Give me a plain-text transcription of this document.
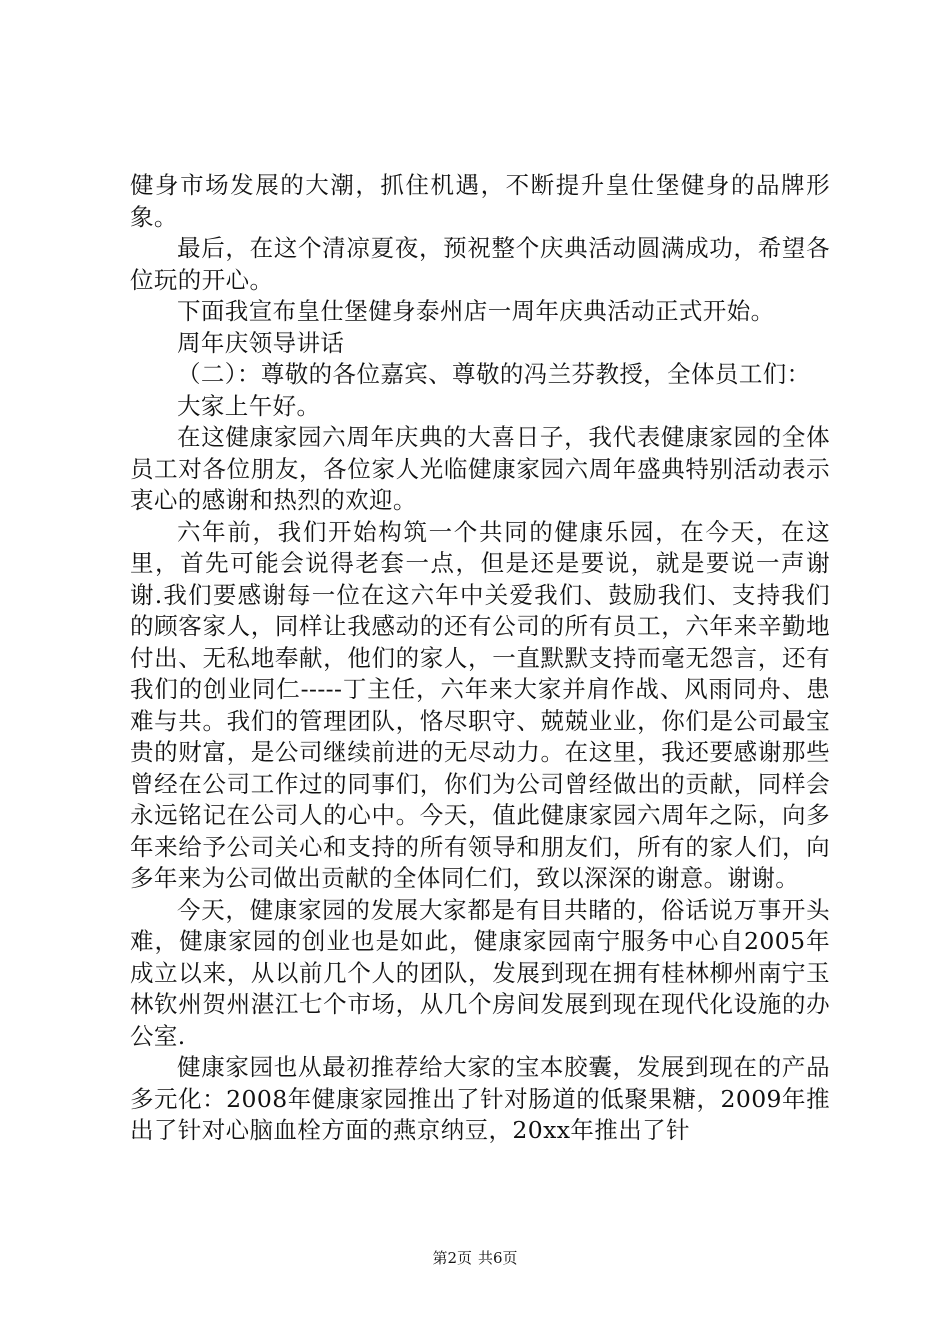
健身市场发展的大潮，抓住机遇，不断提升皇仕堡健身的品牌形象。

最后，在这个清凉夏夜，预祝整个庆典活动圆满成功，希望各位玩的开心。

下面我宣布皇仕堡健身泰州店一周年庆典活动正式开始。

周年庆领导讲话

（二）：尊敬的各位嘉宾、尊敬的冯兰芬教授，全体员工们：

大家上午好。

在这健康家园六周年庆典的大喜日子，我代表健康家园的全体员工对各位朋友，各位家人光临健康家园六周年盛典特别活动表示衷心的感谢和热烈的欢迎。

六年前，我们开始构筑一个共同的健康乐园，在今天，在这里，首先可能会说得老套一点，但是还是要说，就是要说一声谢谢.我们要感谢每一位在这六年中关爱我们、鼓励我们、支持我们的顾客家人，同样让我感动的还有公司的所有员工，六年来辛勤地付出、无私地奉献，他们的家人，一直默默支持而毫无怨言，还有我们的创业同仁-----丁主任，六年来大家并肩作战、风雨同舟、患难与共。我们的管理团队，恪尽职守、兢兢业业，你们是公司最宝贵的财富，是公司继续前进的无尽动力。在这里，我还要感谢那些曾经在公司工作过的同事们，你们为公司曾经做出的贡献，同样会永远铭记在公司人的心中。今天，值此健康家园六周年之际，向多年来给予公司关心和支持的所有领导和朋友们，所有的家人们，向多年来为公司做出贡献的全体同仁们，致以深深的谢意。谢谢。

今天，健康家园的发展大家都是有目共睹的，俗话说万事开头难，健康家园的创业也是如此，健康家园南宁服务中心自2005年成立以来，从以前几个人的团队，发展到现在拥有桂林柳州南宁玉林钦州贺州湛江七个市场，从几个房间发展到现在现代化设施的办公室.

健康家园也从最初推荐给大家的宝本胶囊，发展到现在的产品多元化：2008年健康家园推出了针对肠道的低聚果糖，2009年推出了针对心脑血栓方面的燕京纳豆，20xx年推出了针

第2页 共6页
